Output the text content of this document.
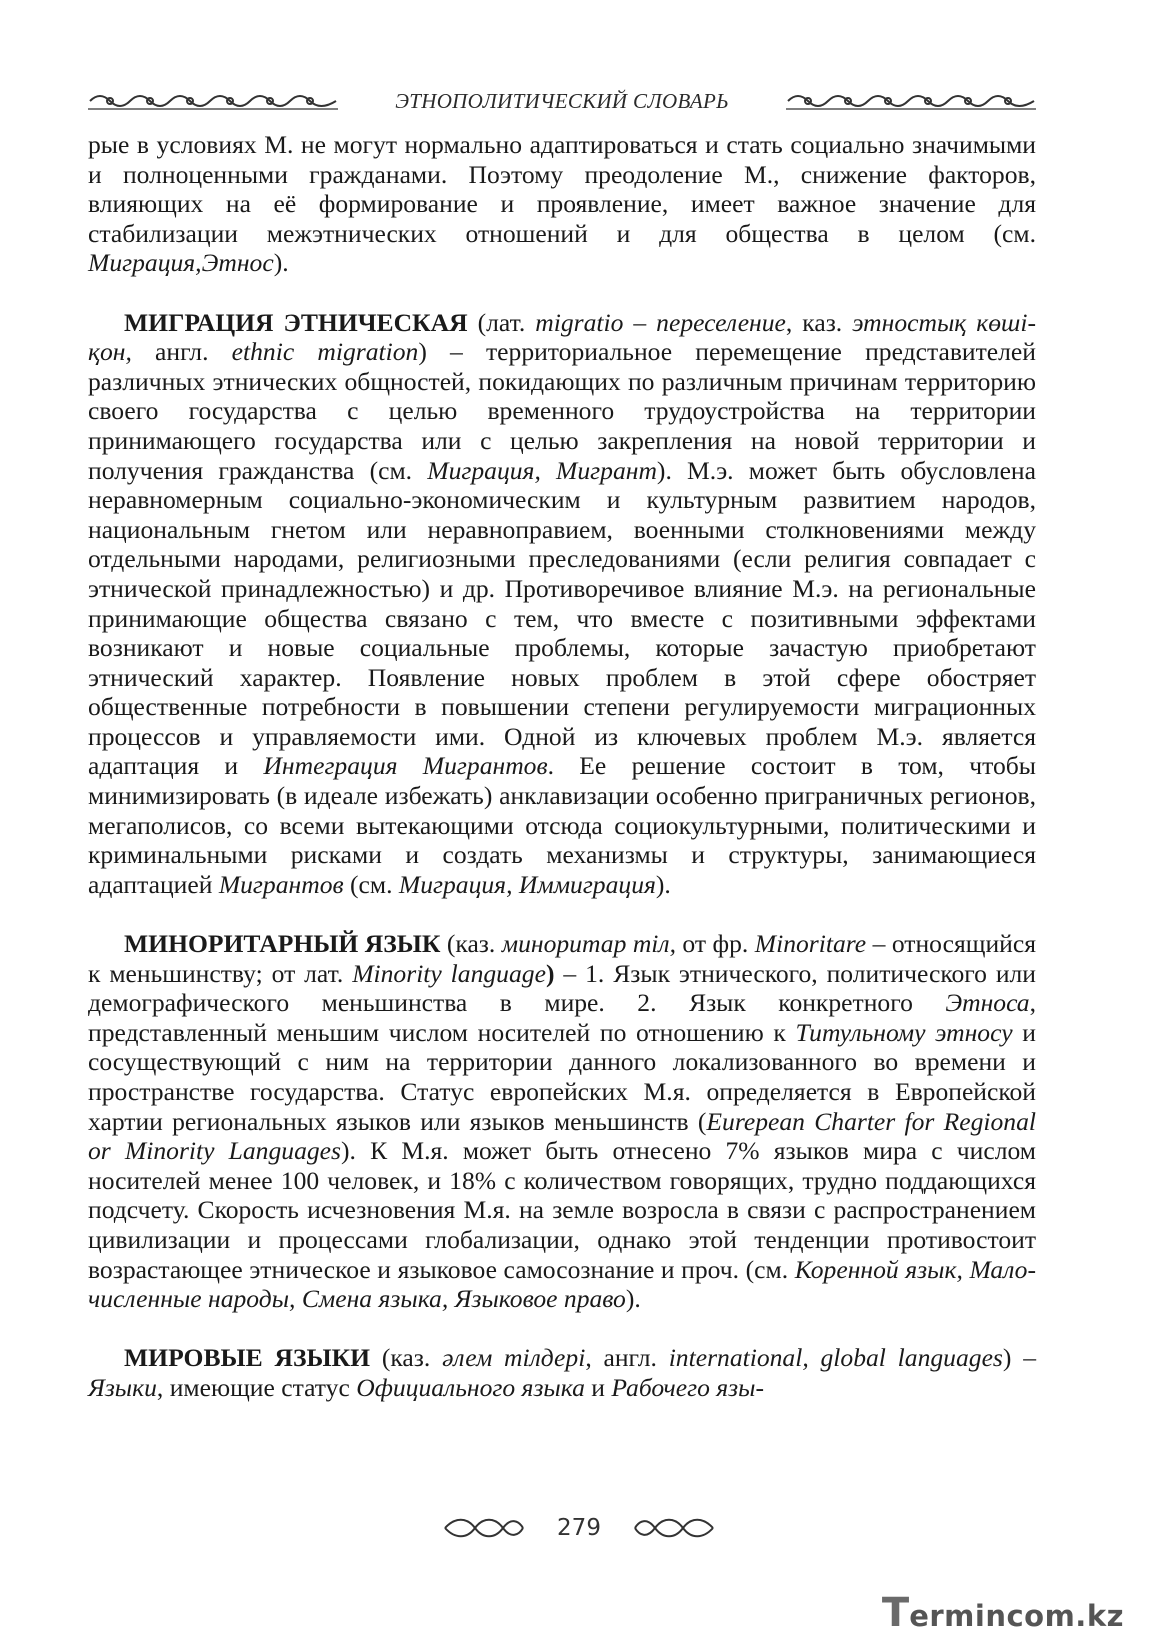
ЭТНОПОЛИТИЧЕСКИЙ СЛОВАРЬ

рые в условиях М. не могут нормально адаптироваться и стать социально значимыми и полноценными гражданами. Поэтому преодоление М., снижение факторов, влияющих на её формирование и проявление, имеет важное значение для стабилизации межэтнических отношений и для общества в целом (см. Миграция,Этнос).

МИГРАЦИЯ ЭТНИЧЕСКАЯ (лат. migratio – переселение, каз. этностық көші-қон, англ. ethnic migration) – территориальное перемещение представителей различных этнических общностей, покидающих по различным причинам территорию своего государства с целью временного трудоустройства на территории принимающего государства или с целью закрепления на новой территории и получения гражданства (см. Миграция, Мигрант). М.э. может быть обусловлена неравномерным социально-экономическим и культурным развитием народов, национальным гнетом или неравноправием, военными столкновениями между отдельными народами, религиозными преследованиями (если религия совпадает с этнической принадлежностью) и др. Противоречивое влияние М.э. на региональные принимающие общества связано с тем, что вместе с позитивными эффектами возникают и новые социальные проблемы, которые зачастую приобретают этнический характер. Появление новых проблем в этой сфере обостряет общественные потребности в повышении степени регулируемости миграционных процессов и управляемости ими. Одной из ключевых проблем М.э. является адаптация и Интеграция Мигрантов. Ее решение состоит в том, чтобы минимизировать (в идеале избежать) анклавизации особенно приграничных регионов, мегаполисов, со всеми вытекающими отсюда социокультурными, политическими и криминальными рисками и создать механизмы и структуры, занимающиеся адаптацией Мигрантов (см. Миграция, Иммиграция).

МИНОРИТАРНЫЙ ЯЗЫК (каз. миноритар тіл, от фр. Minoritare – относящийся к меньшинству; от лат. Minority language) – 1. Язык этнического, политического или демографического меньшинства в мире. 2. Язык конкретного Этноса, представленный меньшим числом носителей по отношению к Титульному этносу и сосуществующий с ним на территории данного локализованного во времени и пространстве государства. Статус европейских М.я. определяется в Европейской хартии региональных языков или языков меньшинств (Eurepean Charter for Regional or Minority Languages). К М.я. может быть отнесено 7% языков мира с числом носителей менее 100 человек, и 18% с количеством говорящих, трудно поддающихся подсчету. Скорость исчезновения М.я. на земле возросла в связи с распространением цивилизации и процессами глобализации, однако этой тенденции противостоит возрастающее этническое и языковое самосознание и проч. (см. Коренной язык, Малочисленные народы, Смена языка, Языковое право).

МИРОВЫЕ ЯЗЫКИ (каз. әлем тілдері, англ. international, global languages) – Языки, имеющие статус Официального языка и Рабочего язы-

279
T ermincom.kz
